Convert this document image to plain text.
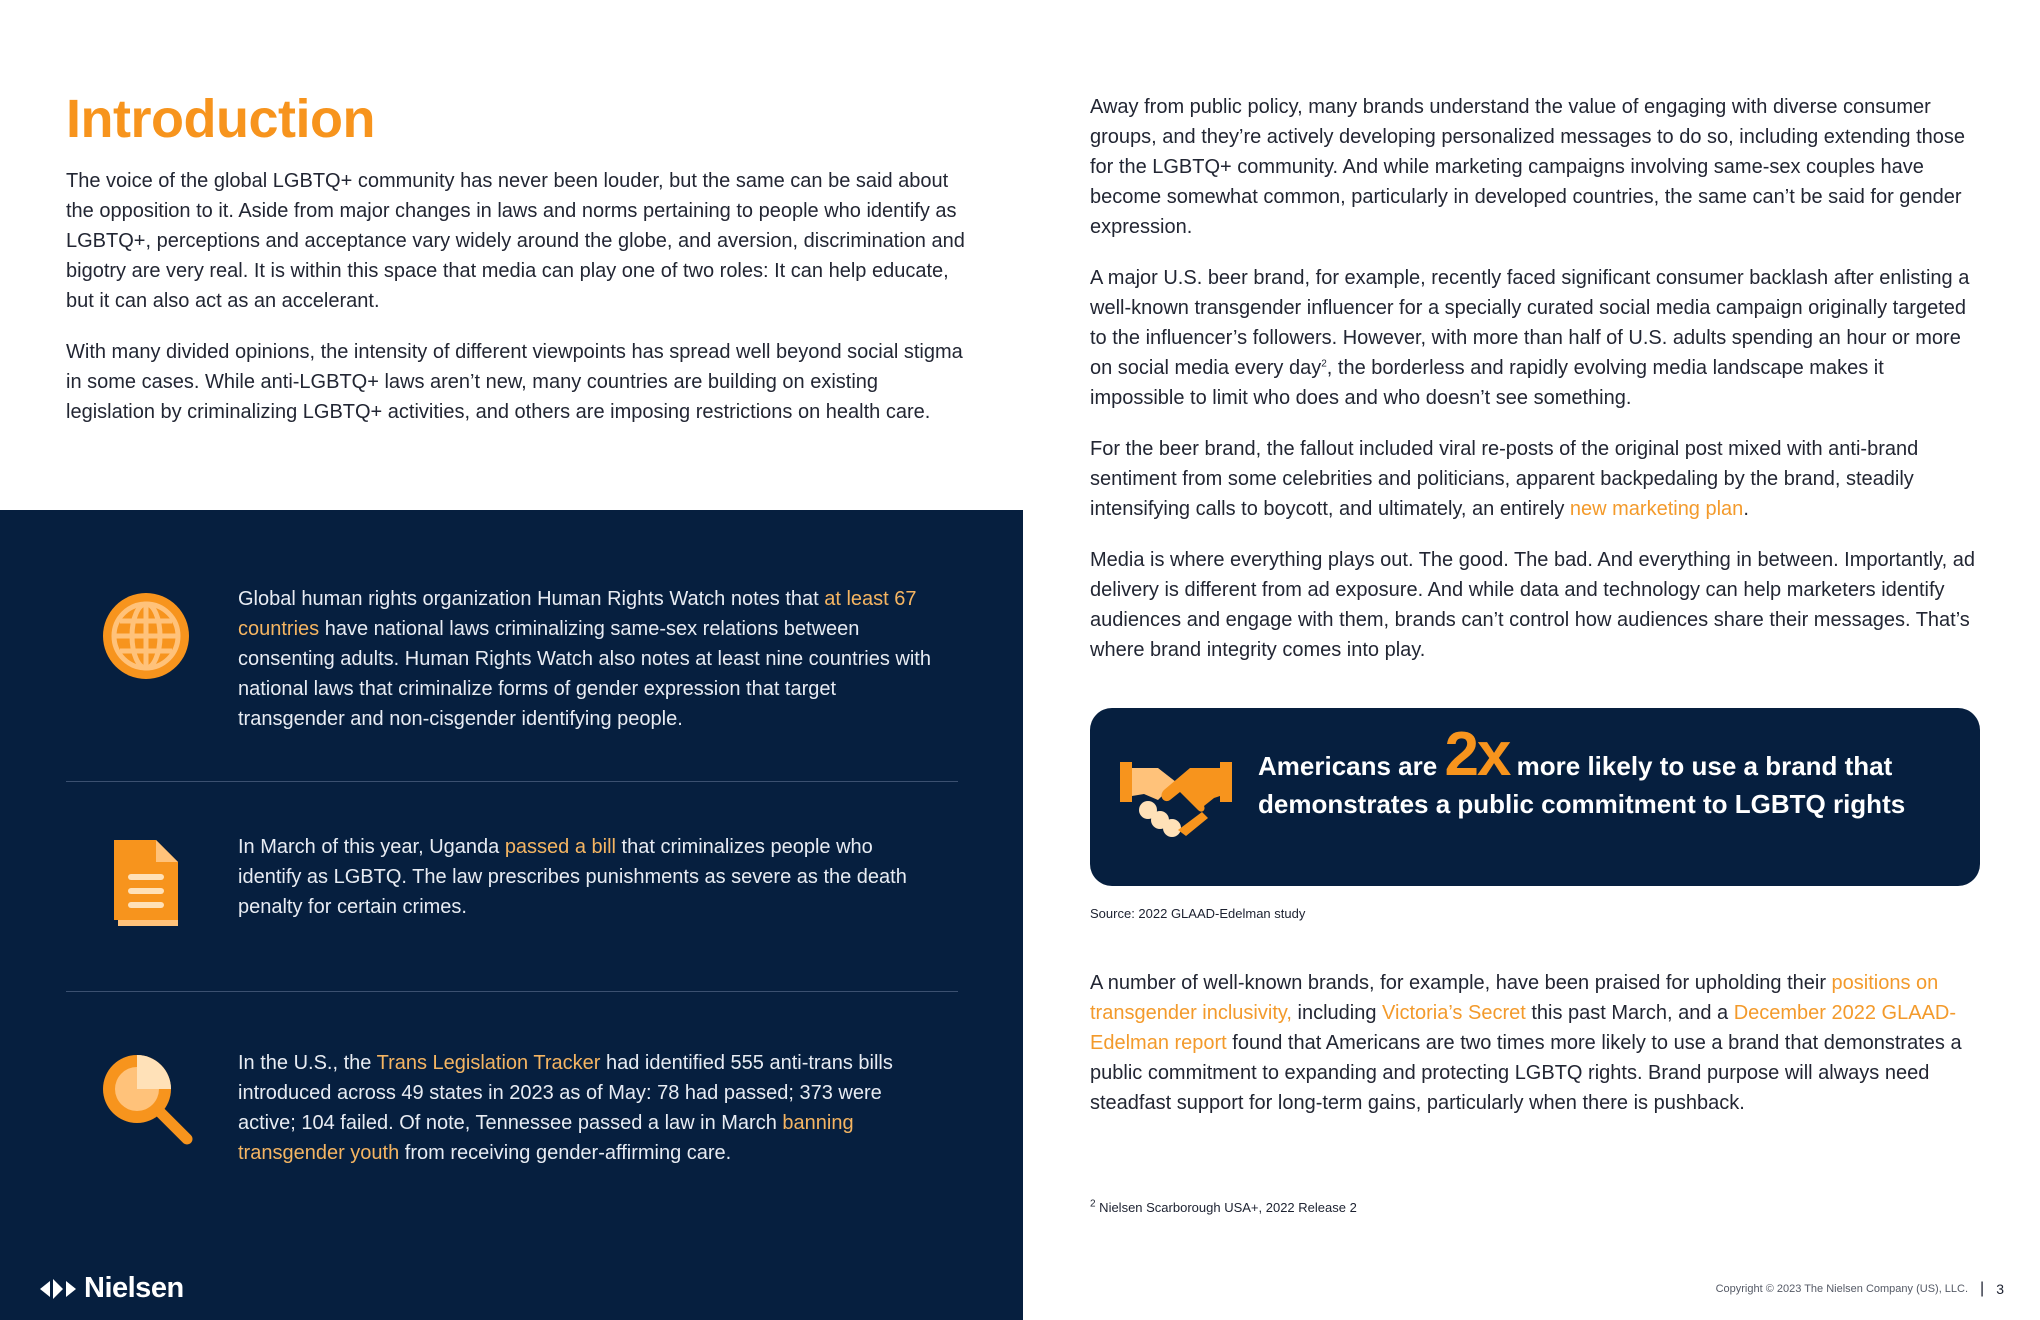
Introduction

The voice of the global LGBTQ+ community has never been louder, but the same can be said about the opposition to it. Aside from major changes in laws and norms pertaining to people who identify as LGBTQ+, perceptions and acceptance vary widely around the globe, and aversion, discrimination and bigotry are very real. It is within this space that media can play one of two roles: It can help educate, but it can also act as an accelerant.

With many divided opinions, the intensity of different viewpoints has spread well beyond social stigma in some cases. While anti-LGBTQ+ laws aren’t new, many countries are building on existing legislation by criminalizing LGBTQ+ activities, and others are imposing restrictions on health care.

Global human rights organization Human Rights Watch notes that at least 67 countries have national laws criminalizing same-sex relations between consenting adults. Human Rights Watch also notes at least nine countries with national laws that criminalize forms of gender expression that target transgender and non-cisgender identifying people.
In March of this year, Uganda passed a bill that criminalizes people who identify as LGBTQ. The law prescribes punishments as severe as the death penalty for certain crimes.
In the U.S., the Trans Legislation Tracker had identified 555 anti-trans bills introduced across 49 states in 2023 as of May: 78 had passed; 373 were active; 104 failed. Of note, Tennessee passed a law in March banning transgender youth from receiving gender-affirming care.
Nielsen

Away from public policy, many brands understand the value of engaging with diverse consumer groups, and they’re actively developing personalized messages to do so, including extending those for the LGBTQ+ community. And while marketing campaigns involving same-sex couples have become somewhat common, particularly in developed countries, the same can’t be said for gender expression.

A major U.S. beer brand, for example, recently faced significant consumer backlash after enlisting a well-known transgender influencer for a specially curated social media campaign originally targeted to the influencer’s followers. However, with more than half of U.S. adults spending an hour or more on social media every day$^2$, the borderless and rapidly evolving media landscape makes it impossible to limit who does and who doesn’t see something.

For the beer brand, the fallout included viral re-posts of the original post mixed with anti-brand sentiment from some celebrities and politicians, apparent backpedaling by the brand, steadily intensifying calls to boycott, and ultimately, an entirely new marketing plan.

Media is where everything plays out. The good. The bad. And everything in between. Importantly, ad delivery is different from ad exposure. And while data and technology can help marketers identify audiences and engage with them, brands can’t control how audiences share their messages. That’s where brand integrity comes into play.

Americans are 2x more likely to use a brand that demonstrates a public commitment to LGBTQ rights
Source: 2022 GLAAD-Edelman study
A number of well-known brands, for example, have been praised for upholding their positions on transgender inclusivity, including Victoria’s Secret this past March, and a December 2022 GLAAD-Edelman report found that Americans are two times more likely to use a brand that demonstrates a public commitment to expanding and protecting LGBTQ rights. Brand purpose will always need steadfast support for long-term gains, particularly when there is pushback.
$^2$ Nielsen Scarborough USA+, 2022 Release 2
Copyright © 2023 The Nielsen Company (US), LLC. | 3
